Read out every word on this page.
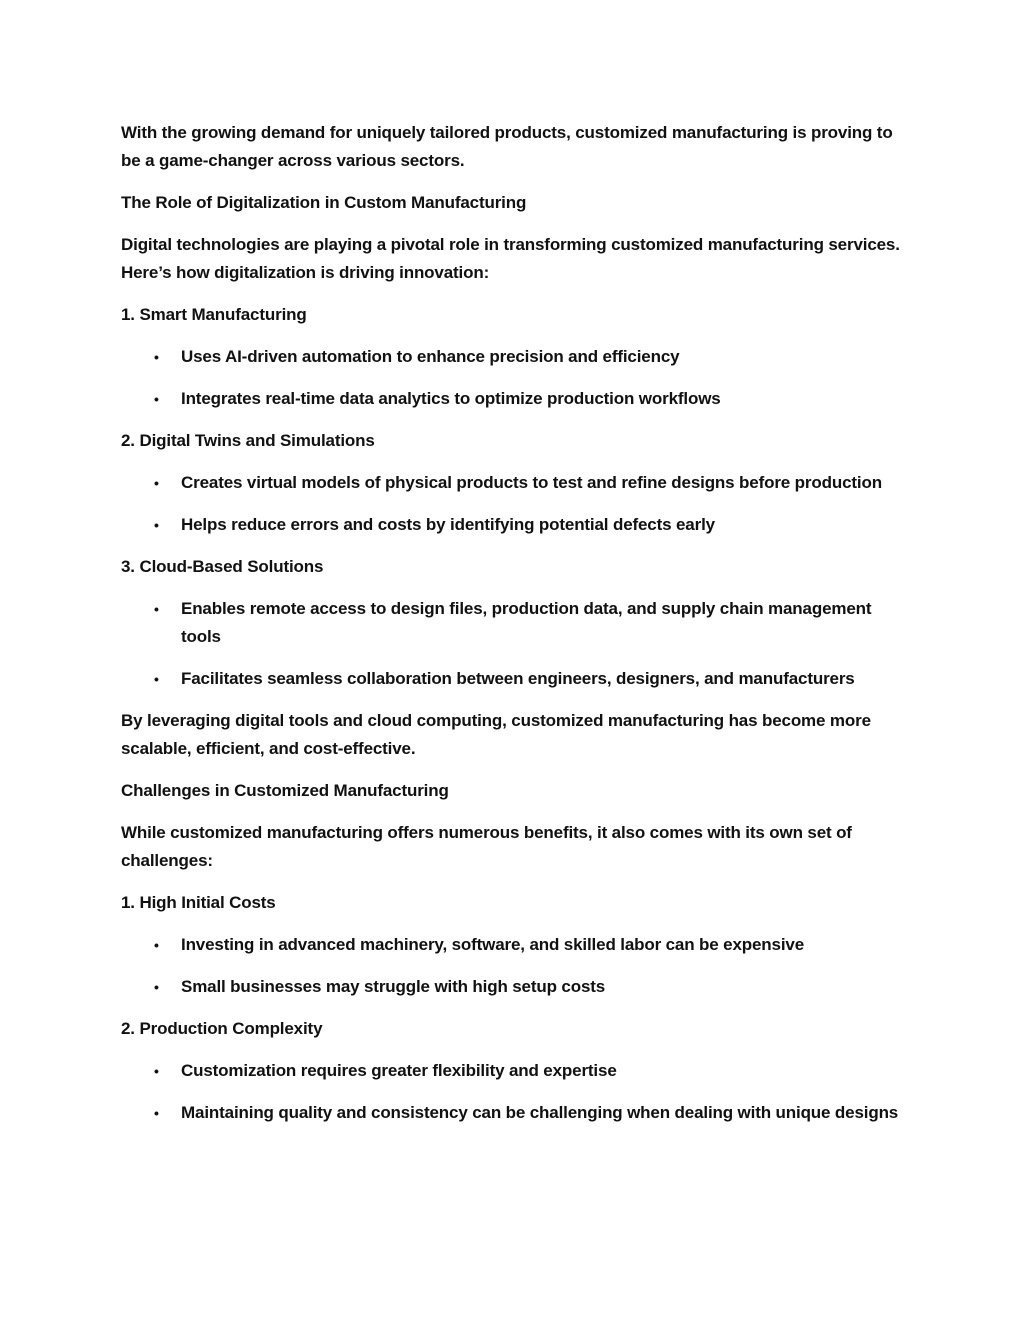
With the growing demand for uniquely tailored products, customized manufacturing is proving to be a game-changer across various sectors.

The Role of Digitalization in Custom Manufacturing

Digital technologies are playing a pivotal role in transforming customized manufacturing services. Here’s how digitalization is driving innovation:

1. Smart Manufacturing

• Uses AI-driven automation to enhance precision and efficiency
• Integrates real-time data analytics to optimize production workflows

2. Digital Twins and Simulations

• Creates virtual models of physical products to test and refine designs before production
• Helps reduce errors and costs by identifying potential defects early

3. Cloud-Based Solutions

• Enables remote access to design files, production data, and supply chain management tools
• Facilitates seamless collaboration between engineers, designers, and manufacturers

By leveraging digital tools and cloud computing, customized manufacturing has become more scalable, efficient, and cost-effective.

Challenges in Customized Manufacturing

While customized manufacturing offers numerous benefits, it also comes with its own set of challenges:

1. High Initial Costs

• Investing in advanced machinery, software, and skilled labor can be expensive
• Small businesses may struggle with high setup costs

2. Production Complexity

• Customization requires greater flexibility and expertise
• Maintaining quality and consistency can be challenging when dealing with unique designs
